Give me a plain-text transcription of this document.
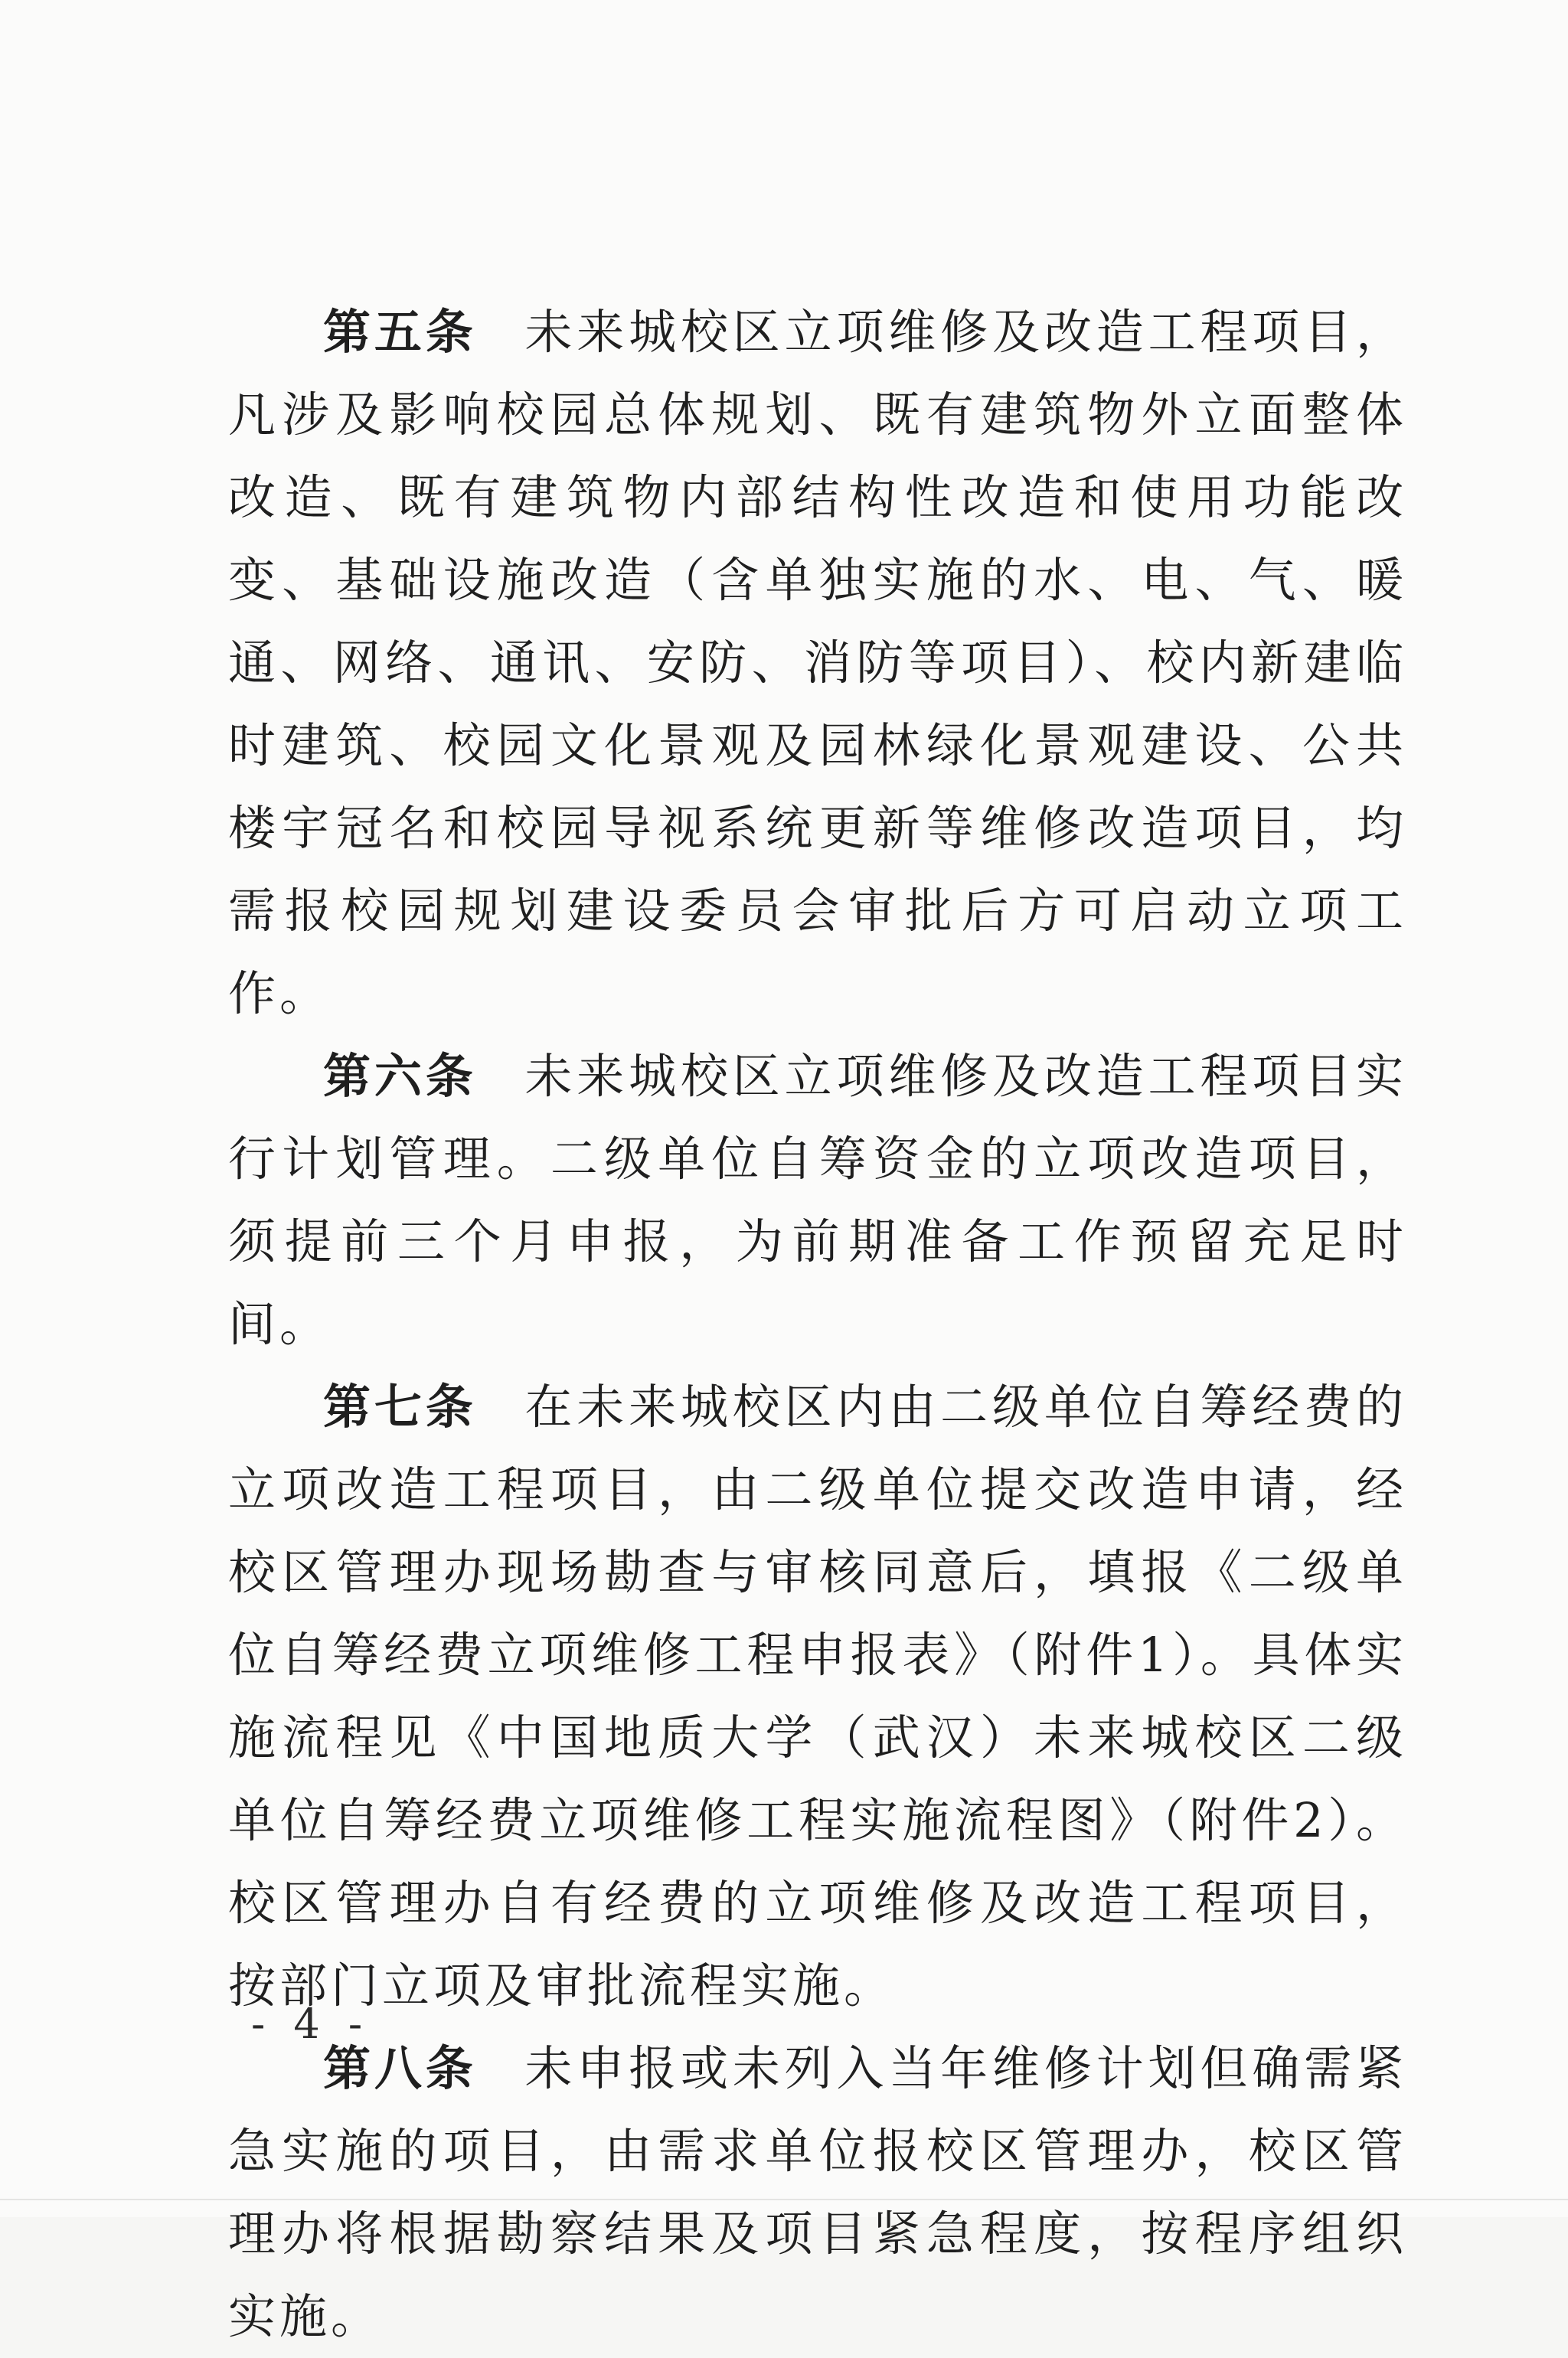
第五条 未来城校区立项维修及改造工程项目，凡涉及影响校园总体规划、既有建筑物外立面整体改造、既有建筑物内部结构性改造和使用功能改变、基础设施改造（含单独实施的水、电、气、暖通、网络、通讯、安防、消防等项目）、校内新建临时建筑、校园文化景观及园林绿化景观建设、公共楼宇冠名和校园导视系统更新等维修改造项目，均需报校园规划建设委员会审批后方可启动立项工作。

第六条 未来城校区立项维修及改造工程项目实行计划管理。二级单位自筹资金的立项改造项目，须提前三个月申报，为前期准备工作预留充足时间。

第七条 在未来城校区内由二级单位自筹经费的立项改造工程项目，由二级单位提交改造申请，经校区管理办现场勘查与审核同意后，填报《二级单位自筹经费立项维修工程申报表》（附件1）。具体实施流程见《中国地质大学（武汉）未来城校区二级单位自筹经费立项维修工程实施流程图》（附件2）。校区管理办自有经费的立项维修及改造工程项目，按部门立项及审批流程实施。

第八条 未申报或未列入当年维修计划但确需紧急实施的项目，由需求单位报校区管理办，校区管理办将根据勘察结果及项目紧急程度，按程序组织实施。

- 4 -
